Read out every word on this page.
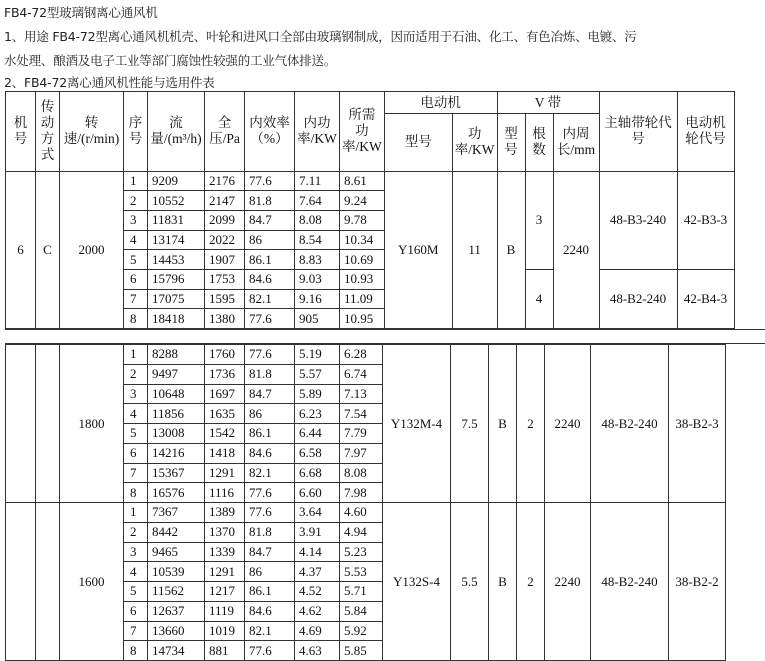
FB4-72型玻璃钢离心通风机
1、用途 FB4-72型离心通风机机壳、叶轮和进风口全部由玻璃钢制成，因而适用于石油、化工、有色冶炼、电镀、污
水处理、酿酒及电子工业等部门腐蚀性较强的工业气体排送。
2、FB4-72离心通风机性能与选用件表
机号	传动方式	转速/(r/min)	序号	流量/(m³/h)	全压/Pa	内效率（%）	内功率/KW	所需功率/KW	电动机		V 带			主轴带轮代号	电动机轮代号
									型号	功率/KW	型号	根数	内周长/mm		
6	C	2000	1	9209	2176	77.6	7.11	8.61	Y160M	11	B	3	2240	48-B3-240	42-B3-3
			2	10552	2147	81.8	7.64	9.24							
			3	11831	2099	84.7	8.08	9.78							
			4	13174	2022	86	8.54	10.34							
			5	14453	1907	86.1	8.83	10.69							
			6	15796	1753	84.6	9.03	10.93				4		48-B2-240	42-B4-3
			7	17075	1595	82.1	9.16	11.09							
			8	18418	1380	77.6	905	10.95							
		1800	1	8288	1760	77.6	5.19	6.28	Y132M-4	7.5	B	2	2240	48-B2-240	38-B2-3
			2	9497	1736	81.8	5.57	6.74							
			3	10648	1697	84.7	5.89	7.13							
			4	11856	1635	86	6.23	7.54							
			5	13008	1542	86.1	6.44	7.79							
			6	14216	1418	84.6	6.58	7.97							
			7	15367	1291	82.1	6.68	8.08							
			8	16576	1116	77.6	6.60	7.98							
		1600	1	7367	1389	77.6	3.64	4.60	Y132S-4	5.5	B	2	2240	48-B2-240	38-B2-2
			2	8442	1370	81.8	3.91	4.94							
			3	9465	1339	84.7	4.14	5.23							
			4	10539	1291	86	4.37	5.53							
			5	11562	1217	86.1	4.52	5.71							
			6	12637	1119	84.6	4.62	5.84							
			7	13660	1019	82.1	4.69	5.92							
			8	14734	881	77.6	4.63	5.85							
